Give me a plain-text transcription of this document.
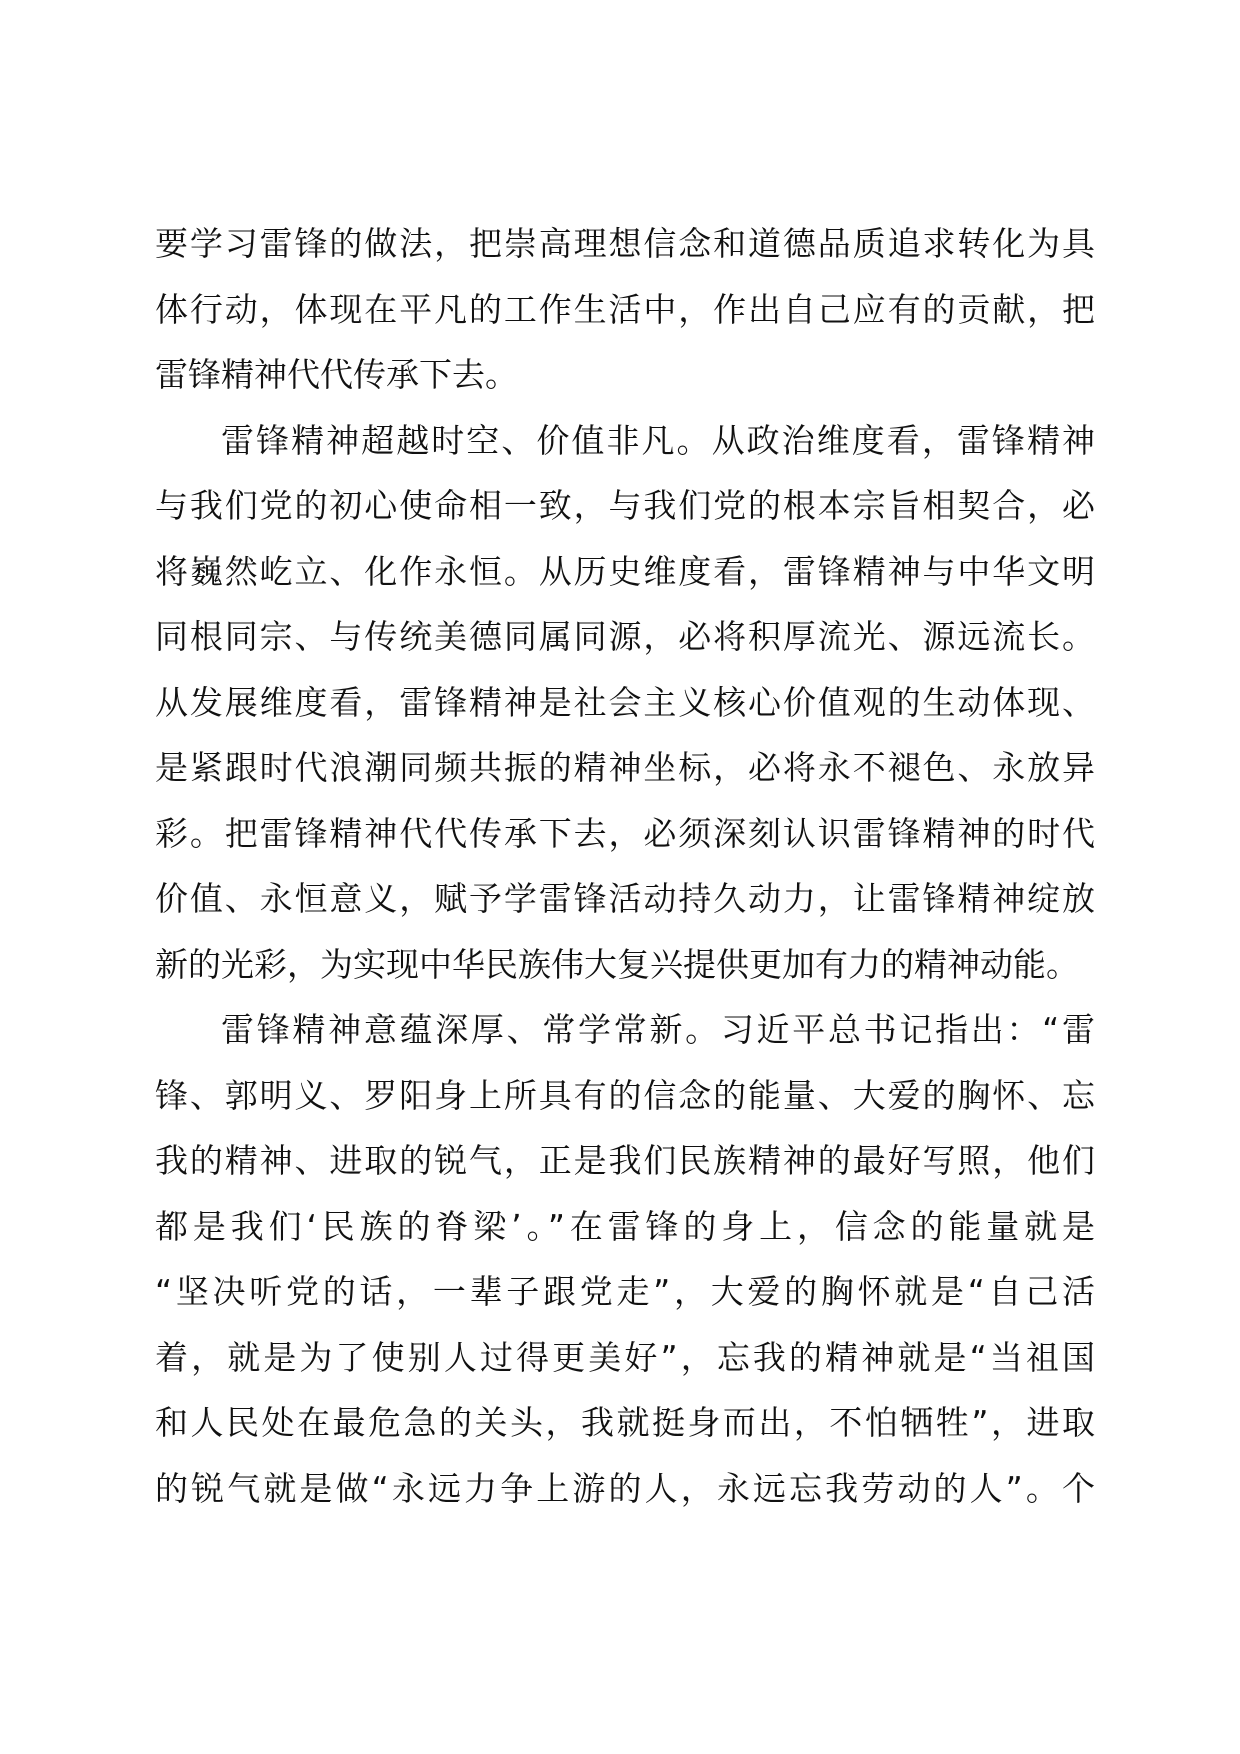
要学习雷锋的做法，把崇高理想信念和道德品质追求转化为具
体行动，体现在平凡的工作生活中，作出自己应有的贡献，把
雷锋精神代代传承下去。
雷锋精神超越时空、价值非凡。从政治维度看，雷锋精神
与我们党的初心使命相一致，与我们党的根本宗旨相契合，必
将巍然屹立、化作永恒。从历史维度看，雷锋精神与中华文明
同根同宗、与传统美德同属同源，必将积厚流光、源远流长。
从发展维度看，雷锋精神是社会主义核心价值观的生动体现、
是紧跟时代浪潮同频共振的精神坐标，必将永不褪色、永放异
彩。把雷锋精神代代传承下去，必须深刻认识雷锋精神的时代
价值、永恒意义，赋予学雷锋活动持久动力，让雷锋精神绽放
新的光彩，为实现中华民族伟大复兴提供更加有力的精神动能。
雷锋精神意蕴深厚、常学常新。习近平总书记指出：“雷
锋、郭明义、罗阳身上所具有的信念的能量、大爱的胸怀、忘
我的精神、进取的锐气，正是我们民族精神的最好写照，他们
都是我们‘民族的脊梁’。”在雷锋的身上，信念的能量就是
“坚决听党的话，一辈子跟党走”，大爱的胸怀就是“自己活
着，就是为了使别人过得更美好”，忘我的精神就是“当祖国
和人民处在最危急的关头，我就挺身而出，不怕牺牲”，进取
的锐气就是做“永远力争上游的人，永远忘我劳动的人”。个
